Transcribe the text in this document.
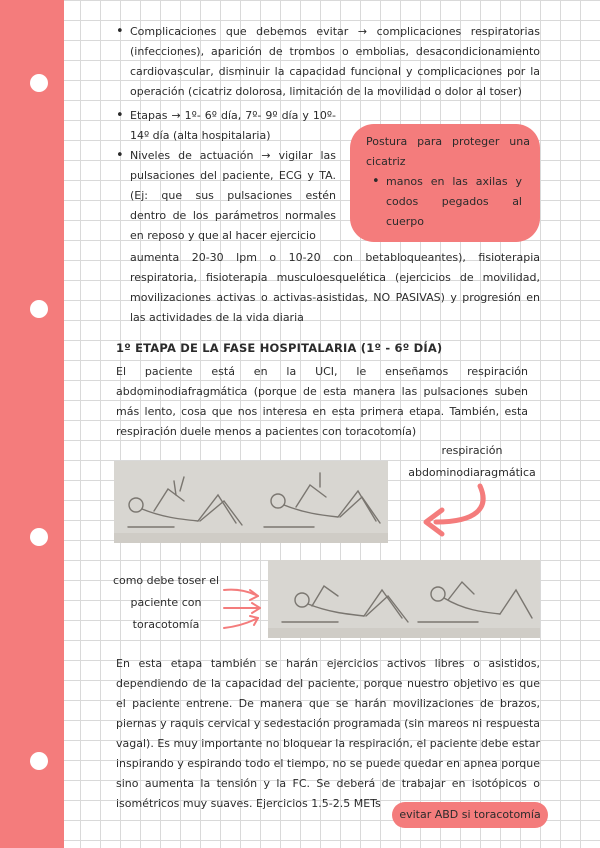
• Complicaciones que debemos evitar → complicaciones respiratorias (infecciones), aparición de trombos o embolias, desacondicionamiento cardiovascular, disminuir la capacidad funcional y complicaciones por la operación (cicatriz dolorosa, limitación de la movilidad o dolor al toser)
• Etapas → 1º- 6º día, 7º- 9º día y 10º- 14º día (alta hospitalaria)
• Niveles de actuación → vigilar las pulsaciones del paciente, ECG y TA. (Ej: que sus pulsaciones estén dentro de los parámetros normales en reposo y que al hacer ejercicio
aumenta 20-30 lpm o 10-20 con betabloqueantes), fisioterapia respiratoria, fisioterapia musculoesquelética (ejercicios de movilidad, movilizaciones activas o activas-asistidas, NO PASIVAS) y progresión en las actividades de la vida diaria
Postura para proteger una cicatriz
• manos en las axilas y codos pegados al cuerpo
1º ETAPA DE LA FASE HOSPITALARIA (1º - 6º DÍA)
El paciente está en la UCI, le enseñamos respiración abdominodiafragmática (porque de esta manera las pulsaciones suben más lento, cosa que nos interesa en esta primera etapa. También, esta respiración duele menos a pacientes con toracotomía)
respiración abdominodiaragmática
como debe toser el paciente con toracotomía
En esta etapa también se harán ejercicios activos libres o asistidos, dependiendo de la capacidad del paciente, porque nuestro objetivo es que el paciente entrene. De manera que se harán movilizaciones de brazos, piernas y raquis cervical y sedestación programada (sin mareos ni respuesta vagal). Es muy importante no bloquear la respiración, el paciente debe estar inspirando y espirando todo el tiempo, no se puede quedar en apnea porque sino aumenta la tensión y la FC. Se deberá de trabajar en isotópicos o isométricos muy suaves. Ejercicios 1.5-2.5 METs
evitar ABD si toracotomía
